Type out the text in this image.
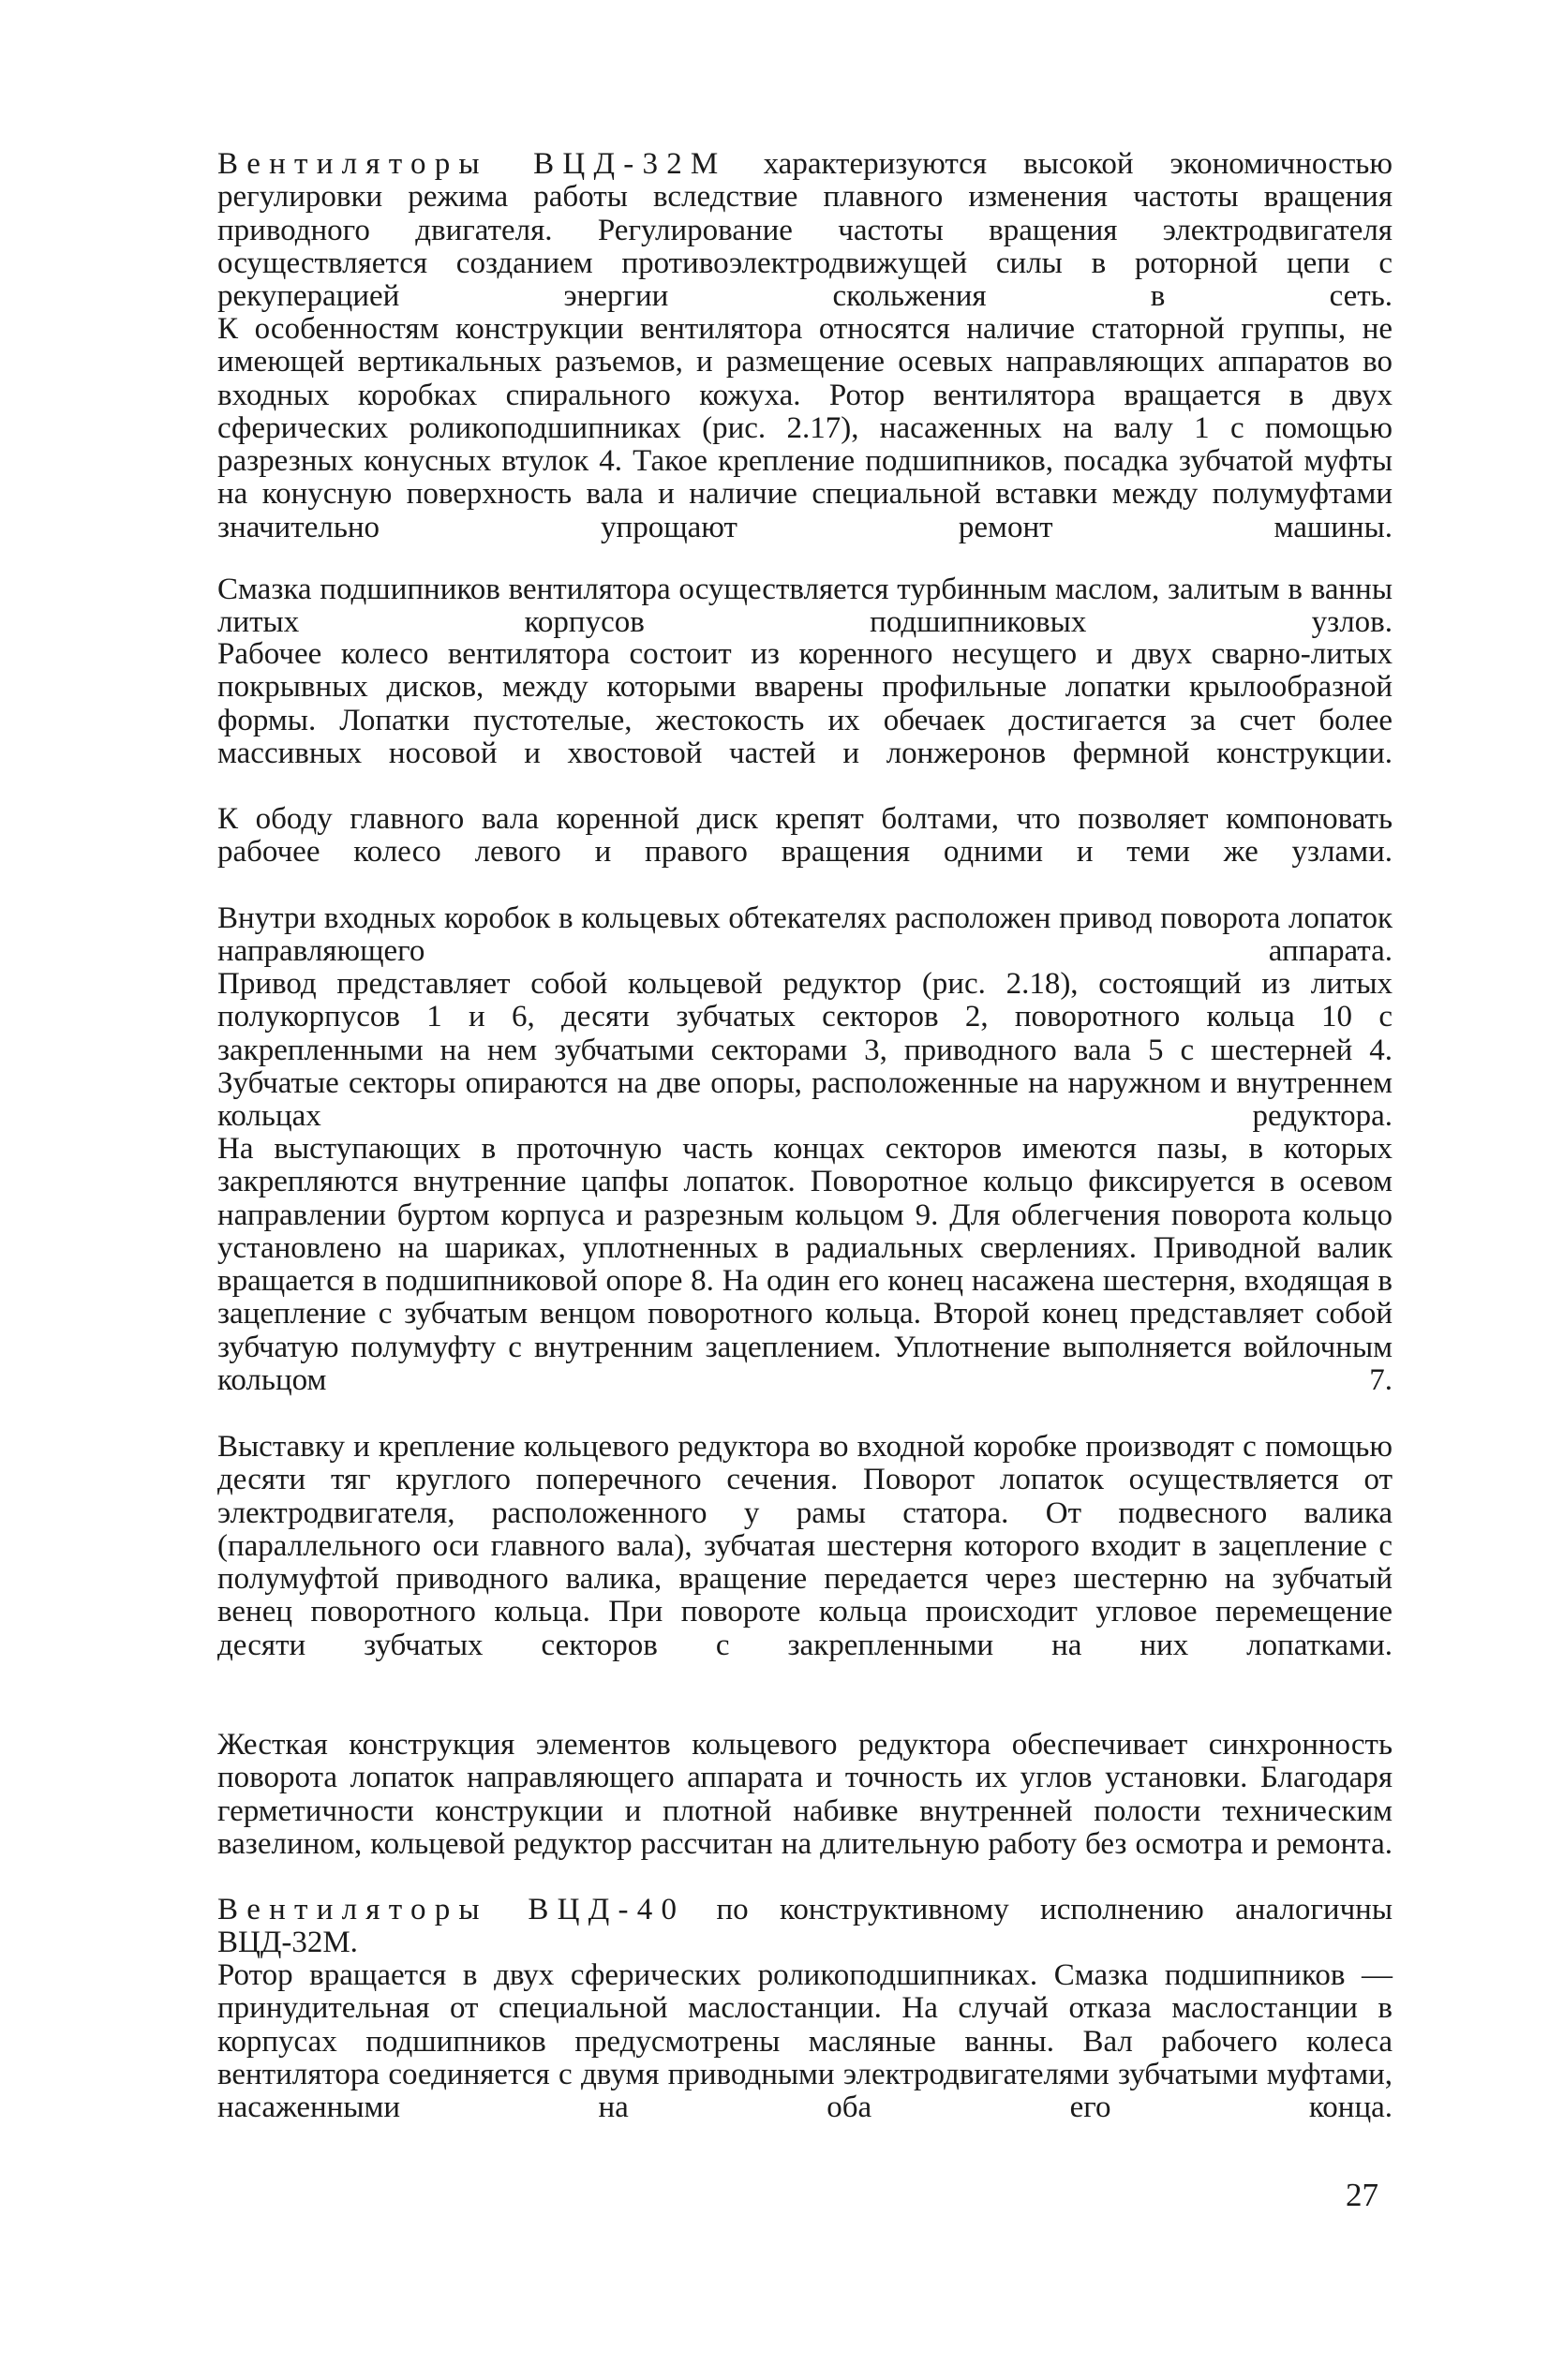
Вентиляторы ВЦД-32М характеризуются высокой экономичностью регулировки режима работы вследствие плавного изменения частоты вращения приводного двигателя. Регулирование частоты вращения электродвигателя осуществляется созданием противоэлектродвижущей силы в роторной цепи с рекуперацией энергии скольжения в сеть.

К особенностям конструкции вентилятора относятся наличие статорной группы, не имеющей вертикальных разъемов, и размещение осевых направляющих аппаратов во входных коробках спирального кожуха. Ротор вентилятора вращается в двух сферических роликоподшипниках (рис. 2.17), насаженных на валу 1 с помощью разрезных конусных втулок 4. Такое крепление подшипников, посадка зубчатой муфты на конусную поверхность вала и наличие специальной вставки между полумуфтами значительно упрощают ремонт машины.

Смазка подшипников вентилятора осуществляется турбинным маслом, залитым в ванны литых корпусов подшипниковых узлов.

Рабочее колесо вентилятора состоит из коренного несущего и двух сварно-литых покрывных дисков, между которыми вварены профильные лопатки крылообразной формы. Лопатки пустотелые, жестокость их обечаек достигается за счет более массивных носовой и хвостовой частей и лонжеронов фермной конструкции.

К ободу главного вала коренной диск крепят болтами, что позволяет компоновать рабочее колесо левого и правого вращения одними и теми же узлами.

Внутри входных коробок в кольцевых обтекателях расположен привод поворота лопаток направляющего аппарата.

Привод представляет собой кольцевой редуктор (рис. 2.18), состоящий из литых полукорпусов 1 и 6, десяти зубчатых секторов 2, поворотного кольца 10 с закрепленными на нем зубчатыми секторами 3, приводного вала 5 с шестерней 4. Зубчатые секторы опираются на две опоры, расположенные на наружном и внутреннем кольцах редуктора.

На выступающих в проточную часть концах секторов имеются пазы, в которых закрепляются внутренние цапфы лопаток. Поворотное кольцо фиксируется в осевом направлении буртом корпуса и разрезным кольцом 9. Для облегчения поворота кольцо установлено на шариках, уплотненных в радиальных сверлениях. Приводной валик вращается в подшипниковой опоре 8. На один его конец насажена шестерня, входящая в зацепление с зубчатым венцом поворотного кольца. Второй конец представляет собой зубчатую полумуфту с внутренним зацеплением. Уплотнение выполняется войлочным кольцом 7.

Выставку и крепление кольцевого редуктора во входной коробке производят с помощью десяти тяг круглого поперечного сечения. Поворот лопаток осуществляется от электродвигателя, расположенного у рамы статора. От подвесного валика (параллельного оси главного вала), зубчатая шестерня которого входит в зацепление с полумуфтой приводного валика, вращение передается через шестерню на зубчатый венец поворотного кольца. При повороте кольца происходит угловое перемещение десяти зубчатых секторов с закрепленными на них лопатками.

Жесткая конструкция элементов кольцевого редуктора обеспечивает синхронность поворота лопаток направляющего аппарата и точность их углов установки. Благодаря герметичности конструкции и плотной набивке внутренней полости техническим вазелином, кольцевой редуктор рассчитан на длительную работу без осмотра и ремонта.

Вентиляторы ВЦД-40 по конструктивному исполнению аналогичны ВЦД-32М.

Ротор вращается в двух сферических роликоподшипниках. Смазка подшипников — принудительная от специальной маслостанции. На случай отказа маслостанции в корпусах подшипников предусмотрены масляные ванны. Вал рабочего колеса вентилятора соединяется с двумя приводными электродвигателями зубчатыми муфтами, насаженными на оба его конца.

27
